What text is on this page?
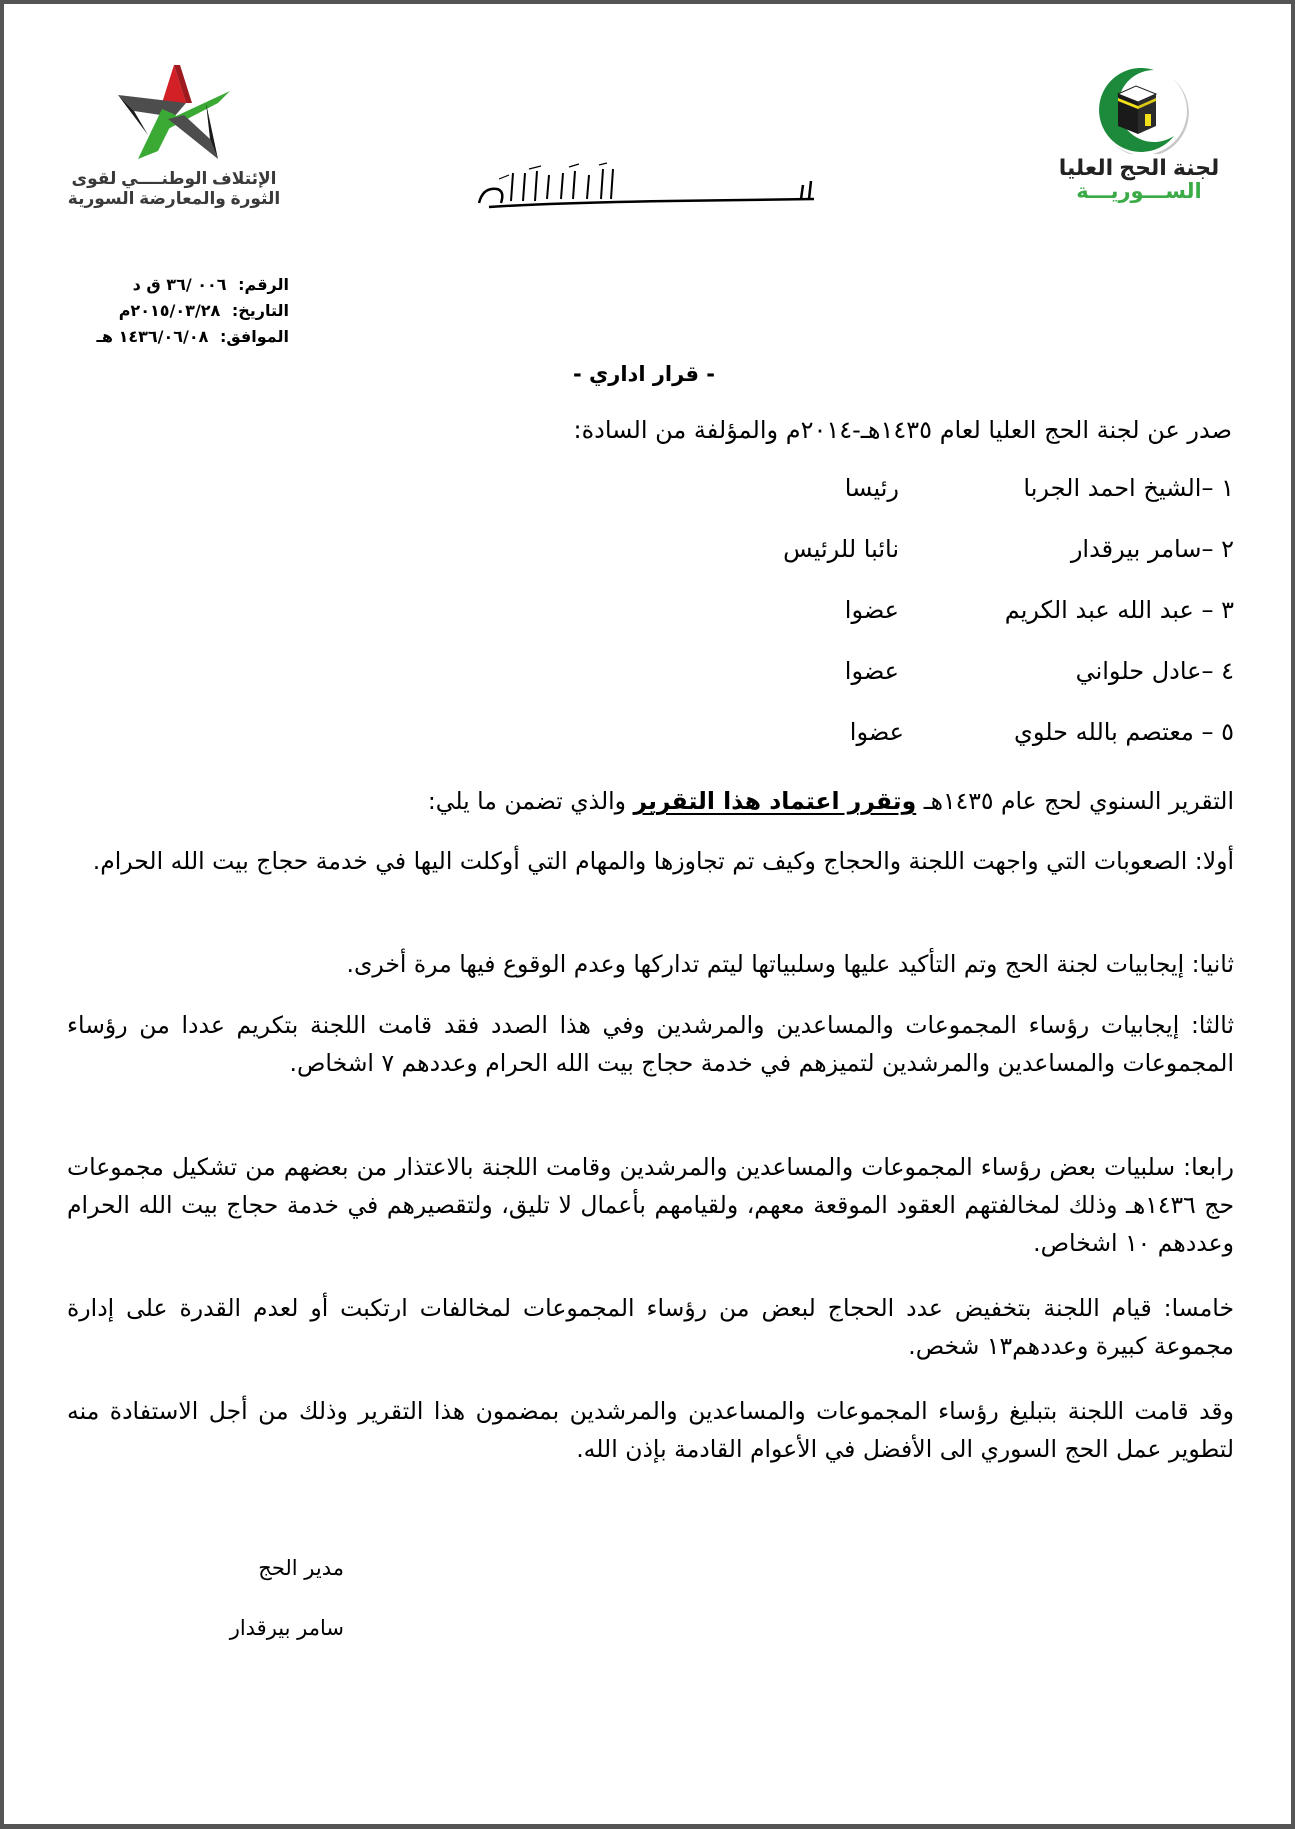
الإئتلاف الوطنــــي لقوى
الثورة والمعارضة السورية
لجنة الحج العليا
الســـوريـــة
الرقم: ٠٠٦ /٣٦ ق د
التاريخ: ٢٠١٥/٠٣/٢٨م
الموافق: ١٤٣٦/٠٦/٠٨ هـ
- قرار اداري -
صدر عن لجنة الحج العليا لعام ١٤٣٥هـ-٢٠١٤م والمؤلفة من السادة:
١ –الشيخ احمد الجربا
رئيسا
٢ –سامر بيرقدار
نائبا للرئيس
٣ – عبد الله عبد الكريم
عضوا
٤ –عادل حلواني
عضوا
٥ – معتصم بالله حلوي
عضوا
التقرير السنوي لحج عام ١٤٣٥هـ وتقرر اعتماد هذا التقرير والذي تضمن ما يلي:
أولا: الصعوبات التي واجهت اللجنة والحجاج وكيف تم تجاوزها والمهام التي أوكلت اليها في خدمة حجاج بيت الله الحرام.
ثانيا: إيجابيات لجنة الحج وتم التأكيد عليها وسلبياتها ليتم تداركها وعدم الوقوع فيها مرة أخرى.
ثالثا: إيجابيات رؤساء المجموعات والمساعدين والمرشدين وفي هذا الصدد فقد قامت اللجنة بتكريم عددا من رؤساء المجموعات والمساعدين والمرشدين لتميزهم في خدمة حجاج بيت الله الحرام وعددهم ٧ اشخاص.
رابعا: سلبيات بعض رؤساء المجموعات والمساعدين والمرشدين وقامت اللجنة بالاعتذار من بعضهم من تشكيل مجموعات حج ١٤٣٦هـ وذلك لمخالفتهم العقود الموقعة معهم، ولقيامهم بأعمال لا تليق، ولتقصيرهم في خدمة حجاج بيت الله الحرام وعددهم ١٠ اشخاص.
خامسا: قيام اللجنة بتخفيض عدد الحجاج لبعض من رؤساء المجموعات لمخالفات ارتكبت أو لعدم القدرة على إدارة مجموعة كبيرة وعددهم١٣ شخص.
وقد قامت اللجنة بتبليغ رؤساء المجموعات والمساعدين والمرشدين بمضمون هذا التقرير وذلك من أجل الاستفادة منه لتطوير عمل الحج السوري الى الأفضل في الأعوام القادمة بإذن الله.
مدير الحج
سامر بيرقدار
